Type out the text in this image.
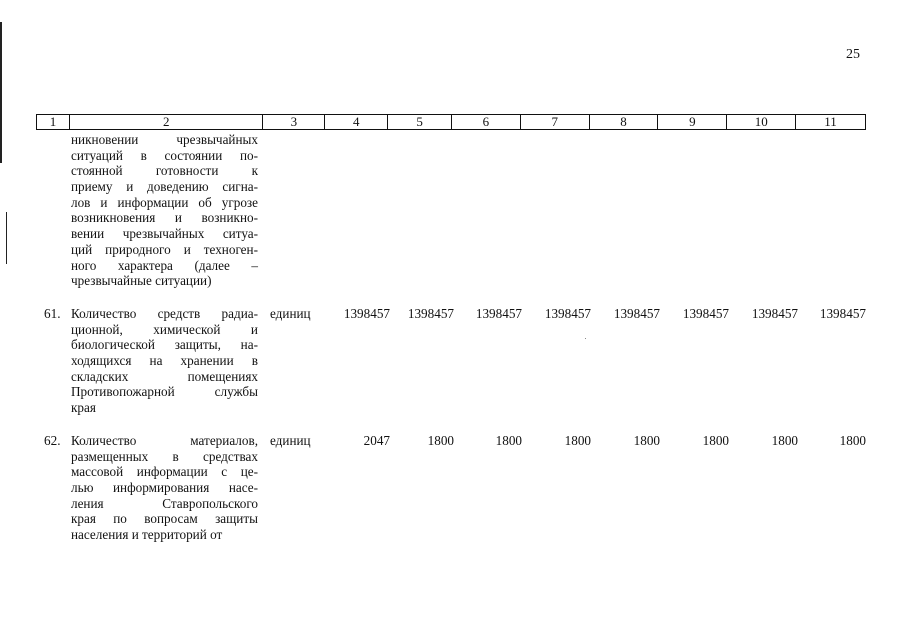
25
1	2	3	4	5	6	7	8	9	10	11
никновении чрезвычайных
ситуаций в состоянии по-
стоянной готовности к
приему и доведению сигна-
лов и информации об угрозе
возникновения и возникно-
вении чрезвычайных ситуа-
ций природного и техноген-
ного характера (далее –
чрезвычайные ситуации)
61. Количество средств радиа-
ционной, химической и
биологической защиты, на-
ходящихся на хранении в
складских помещениях
Противопожарной службы
края
единиц	1398457	1398457	1398457	1398457	1398457	1398457	1398457	1398457
62. Количество материалов,
размещенных в средствах
массовой информации с це-
лью информирования насе-
ления Ставропольского
края по вопросам защиты
населения и территорий от
единиц	2047	1800	1800	1800	1800	1800	1800	1800
